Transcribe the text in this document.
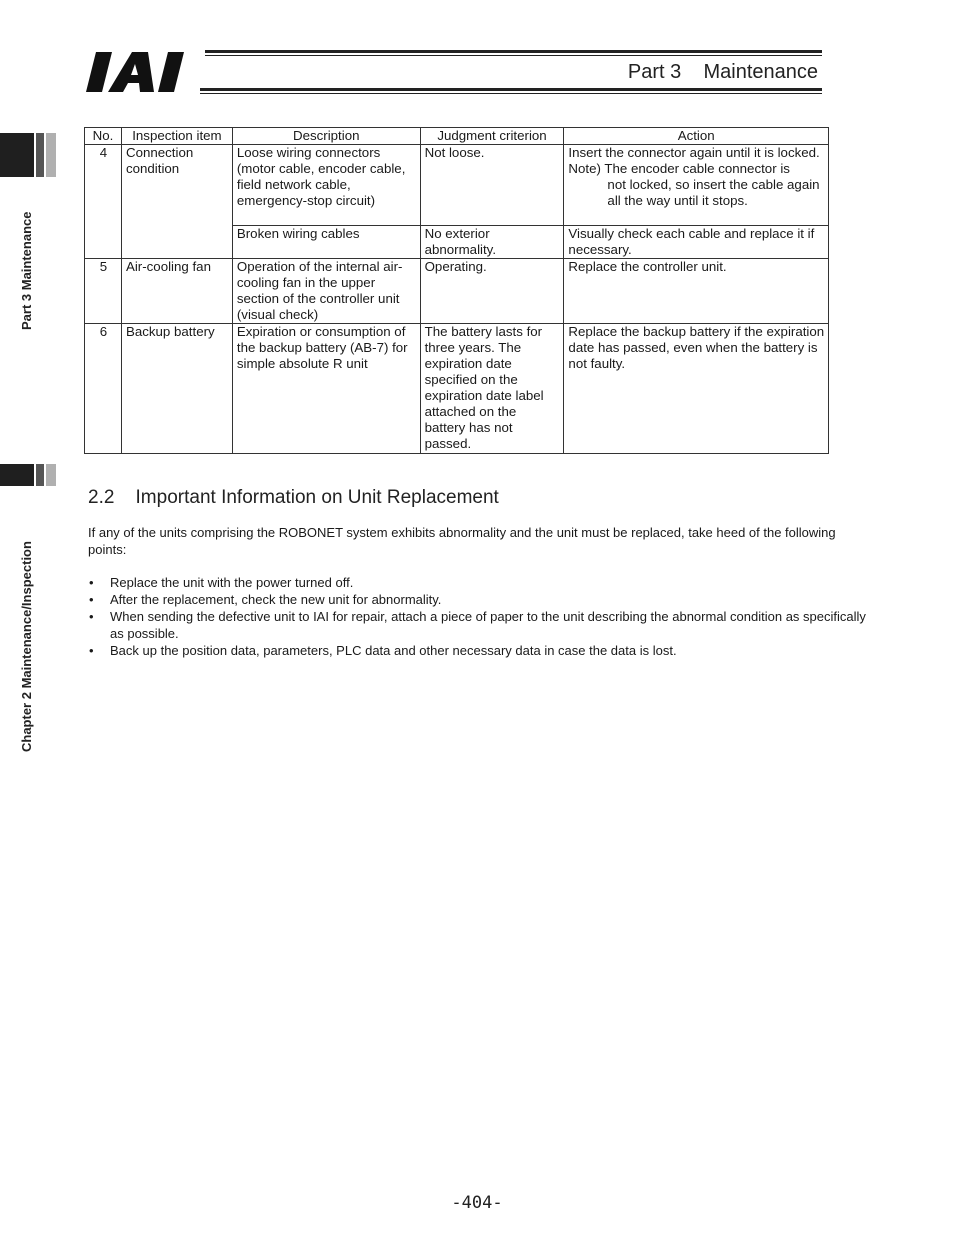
Part 3    Maintenance
Part 3 Maintenance
Chapter 2 Maintenance/Inspection
No.	Inspection item	Description	Judgment criterion	Action
4	Connection condition	Loose wiring connectors (motor cable, encoder cable, field network cable, emergency-stop circuit)	Not loose.	Insert the connector again until it is locked.
Note) The encoder cable connector is
not locked, so insert the cable again all the way until it stops.

		Broken wiring cables	No exterior abnormality.	Visually check each cable and replace it if necessary.
5	Air-cooling fan	Operation of the internal air-cooling fan in the upper section of the controller unit (visual check)	Operating.	Replace the controller unit.
6	Backup battery	Expiration or consumption of the backup battery (AB-7) for simple absolute R unit	The battery lasts for three years. The expiration date specified on the expiration date label attached on the battery has not passed.	Replace the backup battery if the expiration date has passed, even when the battery is not faulty.
2.2    Important Information on Unit Replacement
If any of the units comprising the ROBONET system exhibits abnormality and the unit must be replaced, take heed of the following points:
• Replace the unit with the power turned off.
• After the replacement, check the new unit for abnormality.
• When sending the defective unit to IAI for repair, attach a piece of paper to the unit describing the abnormal condition as specifically as possible.
• Back up the position data, parameters, PLC data and other necessary data in case the data is lost.
-404-
